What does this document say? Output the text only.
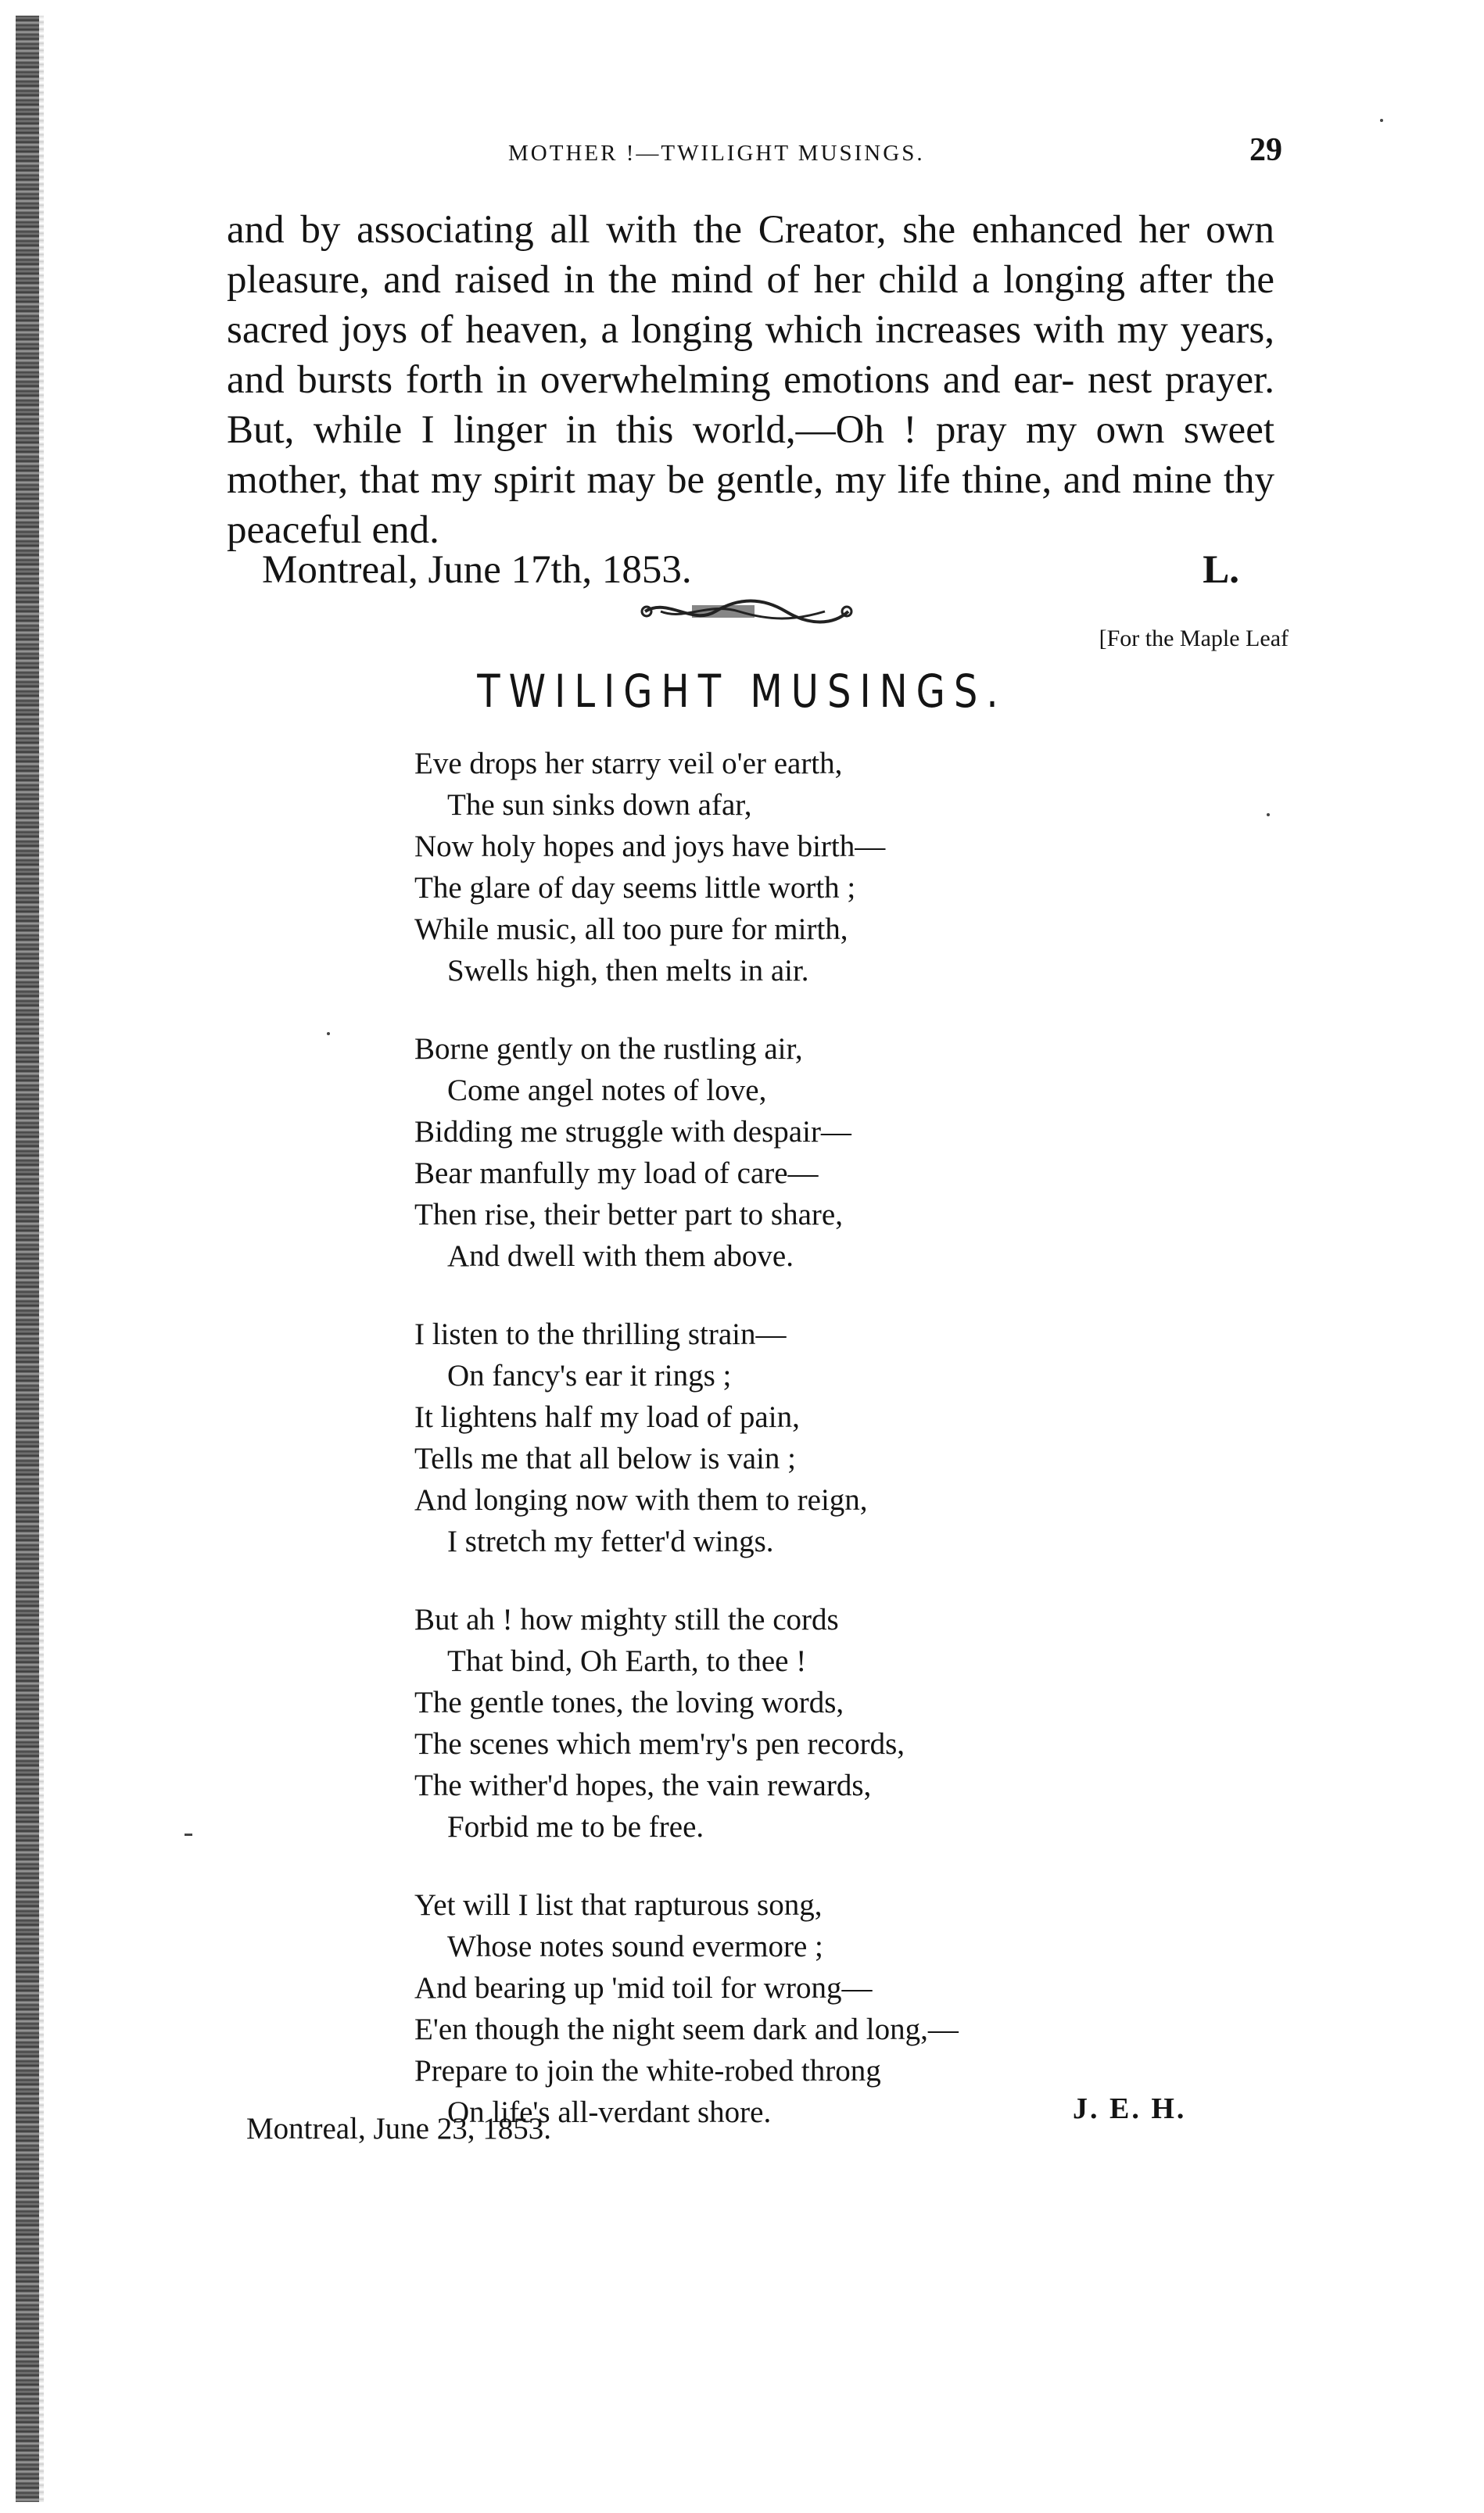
MOTHER !—TWILIGHT MUSINGS.	29

and by associating all with the Creator, she enhanced her own pleasure, and raised in the mind of her child a longing after the sacred joys of heaven, a longing which increases with my years, and bursts forth in overwhelming emotions and ear- nest prayer. But, while I linger in this world,—Oh ! pray my own sweet mother, that my spirit may be gentle, my life thine, and mine thy peaceful end.

Montreal, June 17th, 1853.	L.
[For the Maple Leaf
TWILIGHT MUSINGS.
Eve drops her starry veil o'er earth,
The sun sinks down afar,
Now holy hopes and joys have birth—
The glare of day seems little worth ;
While music, all too pure for mirth,
Swells high, then melts in air.
Borne gently on the rustling air,
Come angel notes of love,
Bidding me struggle with despair—
Bear manfully my load of care—
Then rise, their better part to share,
And dwell with them above.
I listen to the thrilling strain—
On fancy's ear it rings ;
It lightens half my load of pain,
Tells me that all below is vain ;
And longing now with them to reign,
I stretch my fetter'd wings.
But ah ! how mighty still the cords
That bind, Oh Earth, to thee !
The gentle tones, the loving words,
The scenes which mem'ry's pen records,
The wither'd hopes, the vain rewards,
Forbid me to be free.
Yet will I list that rapturous song,
Whose notes sound evermore ;
And bearing up 'mid toil for wrong—
E'en though the night seem dark and long,—
Prepare to join the white-robed throng
On life's all-verdant shore.	J. E. H.
Montreal, June 23, 1853.
